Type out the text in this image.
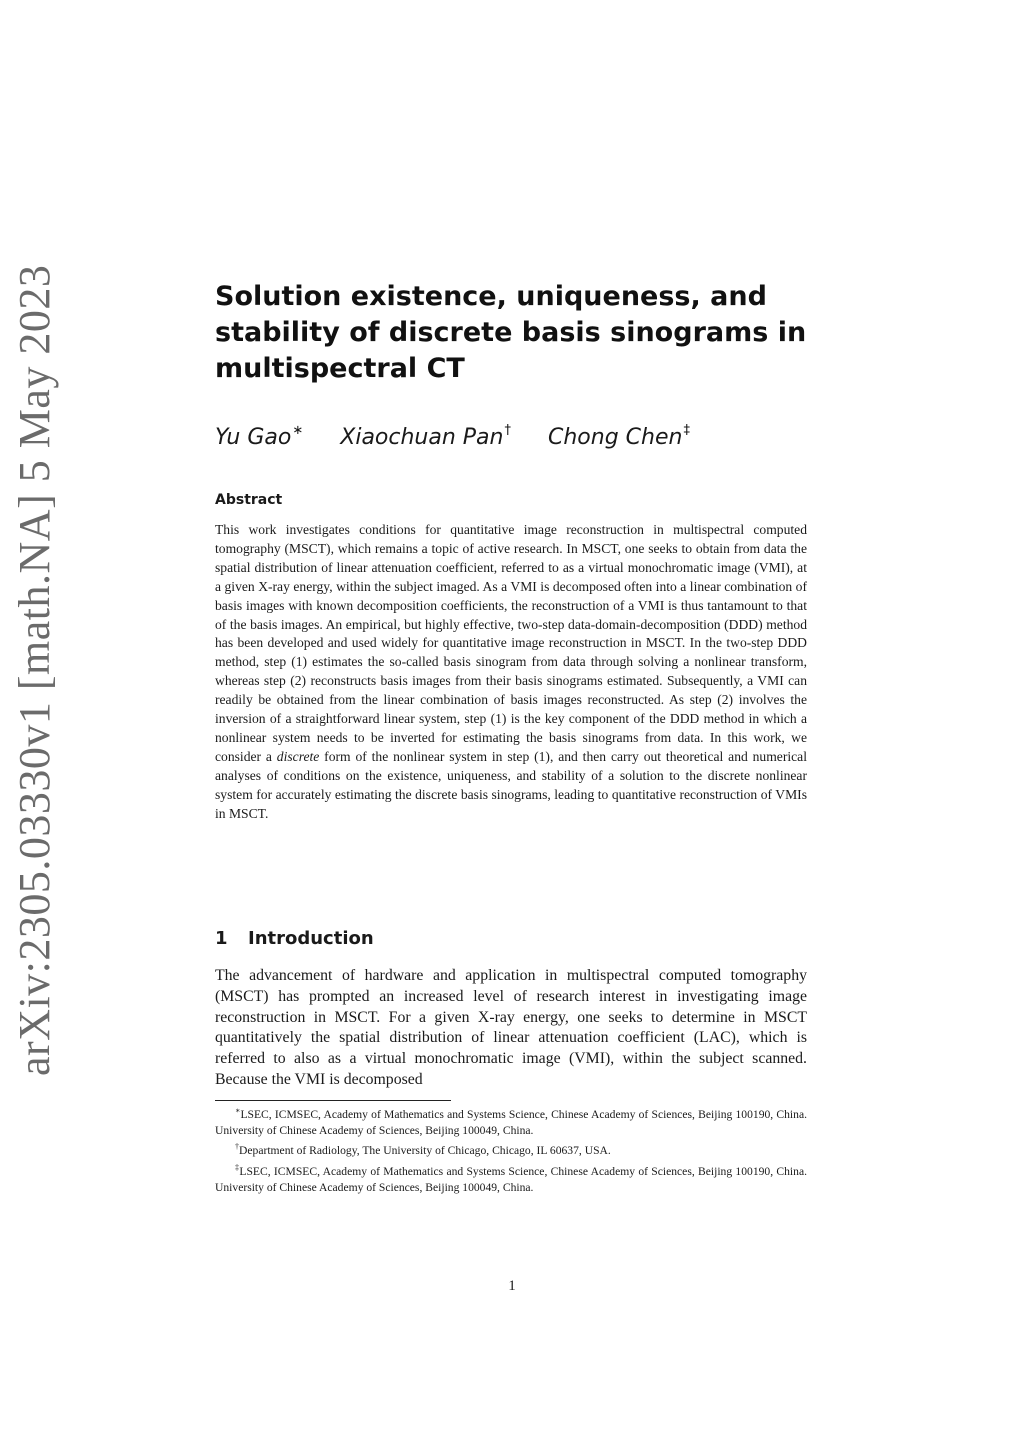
arXiv:2305.03330v1 [math.NA] 5 May 2023	Solution existence, uniqueness, and stability of discrete basis sinograms in multispectral CT
Yu Gao∗ Xiaochuan Pan† Chong Chen‡
Abstract

This work investigates conditions for quantitative image reconstruction in multispectral computed tomography (MSCT), which remains a topic of active research. In MSCT, one seeks to obtain from data the spatial distribution of linear attenuation coefficient, referred to as a virtual monochromatic image (VMI), at a given X-ray energy, within the subject imaged. As a VMI is decomposed often into a linear combination of basis images with known decomposition coefficients, the reconstruction of a VMI is thus tantamount to that of the basis images. An empirical, but highly effective, two-step data-domain-decomposition (DDD) method has been developed and used widely for quantitative image reconstruction in MSCT. In the two-step DDD method, step (1) estimates the so-called basis sinogram from data through solving a nonlinear transform, whereas step (2) reconstructs basis images from their basis sinograms estimated. Subsequently, a VMI can readily be obtained from the linear combination of basis images reconstructed. As step (2) involves the inversion of a straightforward linear system, step (1) is the key component of the DDD method in which a nonlinear system needs to be inverted for estimating the basis sinograms from data. In this work, we consider a discrete form of the nonlinear system in step (1), and then carry out theoretical and numerical analyses of conditions on the existence, uniqueness, and stability of a solution to the discrete nonlinear system for accurately estimating the discrete basis sinograms, leading to quantitative reconstruction of VMIs in MSCT.

1 Introduction

The advancement of hardware and application in multispectral computed tomography (MSCT) has prompted an increased level of research interest in investigating image reconstruction in MSCT. For a given X-ray energy, one seeks to determine in MSCT quantitatively the spatial distribution of linear attenuation coefficient (LAC), which is referred to also as a virtual monochromatic image (VMI), within the subject scanned. Because the VMI is decomposed

∗LSEC, ICMSEC, Academy of Mathematics and Systems Science, Chinese Academy of Sciences, Beijing 100190, China. University of Chinese Academy of Sciences, Beijing 100049, China.

†Department of Radiology, The University of Chicago, Chicago, IL 60637, USA.

‡LSEC, ICMSEC, Academy of Mathematics and Systems Science, Chinese Academy of Sciences, Beijing 100190, China. University of Chinese Academy of Sciences, Beijing 100049, China.

1
